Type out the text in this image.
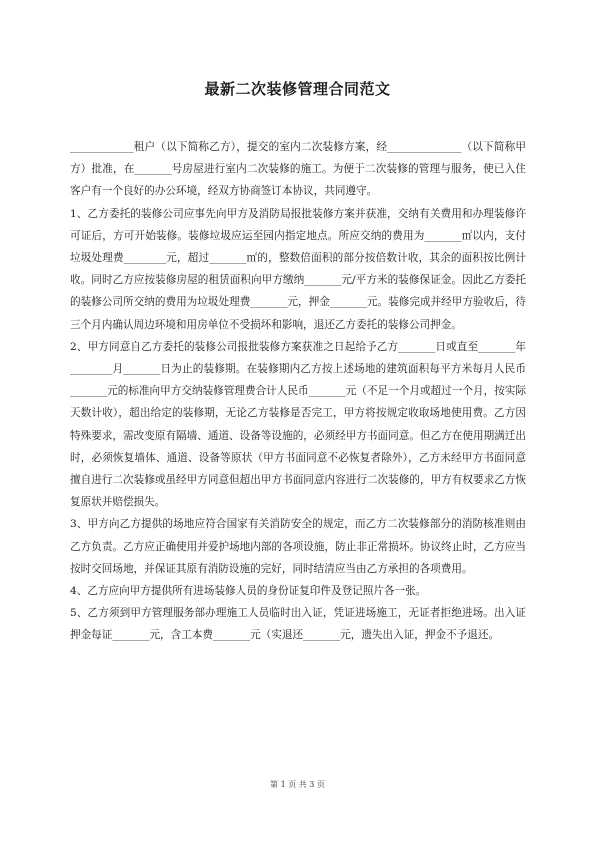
最新二次装修管理合同范文

____________租户（以下简称乙方），提交的室内二次装修方案，经______________（以下简称甲方）批准，在_______号房屋进行室内二次装修的施工。为便于二次装修的管理与服务，使已入住客户有一个良好的办公环境，经双方协商签订本协议，共同遵守。

1、乙方委托的装修公司应事先向甲方及消防局报批装修方案并获准，交纳有关费用和办理装修许可证后，方可开始装修。装修垃圾应运至园内指定地点。所应交纳的费用为_______㎡以内，支付垃圾处理费________元，超过_______㎡的，整数倍面积的部分按倍数计收，其余的面积按比例计收。同时乙方应按装修房屋的租赁面积向甲方缴纳_______元/平方米的装修保证金。因此乙方委托的装修公司所交纳的费用为垃圾处理费_______元，押金_______元。装修完成并经甲方验收后，待三个月内确认周边环境和用房单位不受损坏和影响，退还乙方委托的装修公司押金。

2、甲方同意自乙方委托的装修公司报批装修方案获准之日起给予乙方_______日或直至_______年________月_______日为止的装修期。在装修期内乙方按上述场地的建筑面积每平方米每月人民币_______元的标准向甲方交纳装修管理费合计人民币_______元（不足一个月或超过一个月，按实际天数计收），超出给定的装修期，无论乙方装修是否完工，甲方将按规定收取场地使用费。乙方因特殊要求，需改变原有隔墙、通道、设备等设施的，必须经甲方书面同意。但乙方在使用期满迁出时，必须恢复墙体、通道、设备等原状（甲方书面同意不必恢复者除外），乙方未经甲方书面同意擅自进行二次装修或虽经甲方同意但超出甲方书面同意内容进行二次装修的，甲方有权要求乙方恢复原状并赔偿损失。

3、甲方向乙方提供的场地应符合国家有关消防安全的规定，而乙方二次装修部分的消防核准则由乙方负责。乙方应正确使用并爱护场地内部的各项设施，防止非正常损坏。协议终止时，乙方应当按时交回场地，并保证其原有消防设施的完好，同时结清应当由乙方承担的各项费用。

4、乙方应向甲方提供所有进场装修人员的身份证复印件及登记照片各一张。

5、乙方须到甲方管理服务部办理施工人员临时出入证，凭证进场施工，无证者拒绝进场。出入证押金每证_______元，含工本费_______元（实退还_______元，遗失出入证，押金不予退还。

第 1 页 共 3 页
